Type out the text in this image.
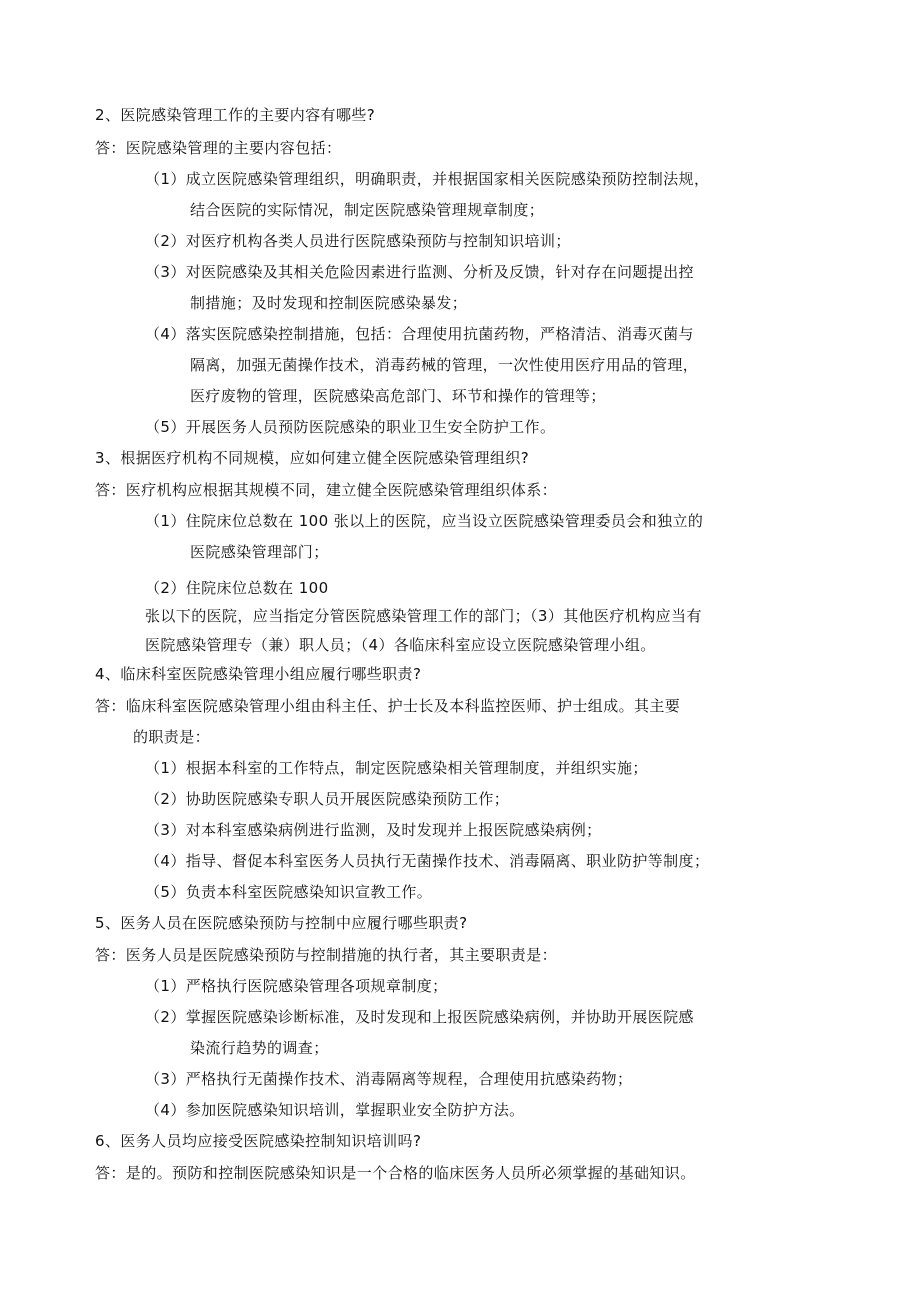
2、医院感染管理工作的主要内容有哪些?
答：医院感染管理的主要内容包括：
（1）成立医院感染管理组织，明确职责，并根据国家相关医院感染预防控制法规，
结合医院的实际情况，制定医院感染管理规章制度；
（2）对医疗机构各类人员进行医院感染预防与控制知识培训；
（3）对医院感染及其相关危险因素进行监测、分析及反馈，针对存在问题提出控
制措施；及时发现和控制医院感染暴发；
（4）落实医院感染控制措施，包括：合理使用抗菌药物，严格清洁、消毒灭菌与
隔离，加强无菌操作技术，消毒药械的管理，一次性使用医疗用品的管理，
医疗废物的管理，医院感染高危部门、环节和操作的管理等；
（5）开展医务人员预防医院感染的职业卫生安全防护工作。
3、根据医疗机构不同规模，应如何建立健全医院感染管理组织?
答：医疗机构应根据其规模不同，建立健全医院感染管理组织体系：
（1）住院床位总数在 100 张以上的医院，应当设立医院感染管理委员会和独立的
医院感染管理部门；
（2）住院床位总数在 100
张以下的医院，应当指定分管医院感染管理工作的部门；（3）其他医疗机构应当有
医院感染管理专（兼）职人员；（4）各临床科室应设立医院感染管理小组。
4、临床科室医院感染管理小组应履行哪些职责?
答：临床科室医院感染管理小组由科主任、护士长及本科监控医师、护士组成。其主要
的职责是：
（1）根据本科室的工作特点，制定医院感染相关管理制度，并组织实施；
（2）协助医院感染专职人员开展医院感染预防工作；
（3）对本科室感染病例进行监测，及时发现并上报医院感染病例；
（4）指导、督促本科室医务人员执行无菌操作技术、消毒隔离、职业防护等制度；
（5）负责本科室医院感染知识宣教工作。
5、医务人员在医院感染预防与控制中应履行哪些职责?
答：医务人员是医院感染预防与控制措施的执行者，其主要职责是：
（1）严格执行医院感染管理各项规章制度；
（2）掌握医院感染诊断标准，及时发现和上报医院感染病例，并协助开展医院感
染流行趋势的调查；
（3）严格执行无菌操作技术、消毒隔离等规程，合理使用抗感染药物；
（4）参加医院感染知识培训，掌握职业安全防护方法。
6、医务人员均应接受医院感染控制知识培训吗?
答：是的。预防和控制医院感染知识是一个合格的临床医务人员所必须掌握的基础知识。
